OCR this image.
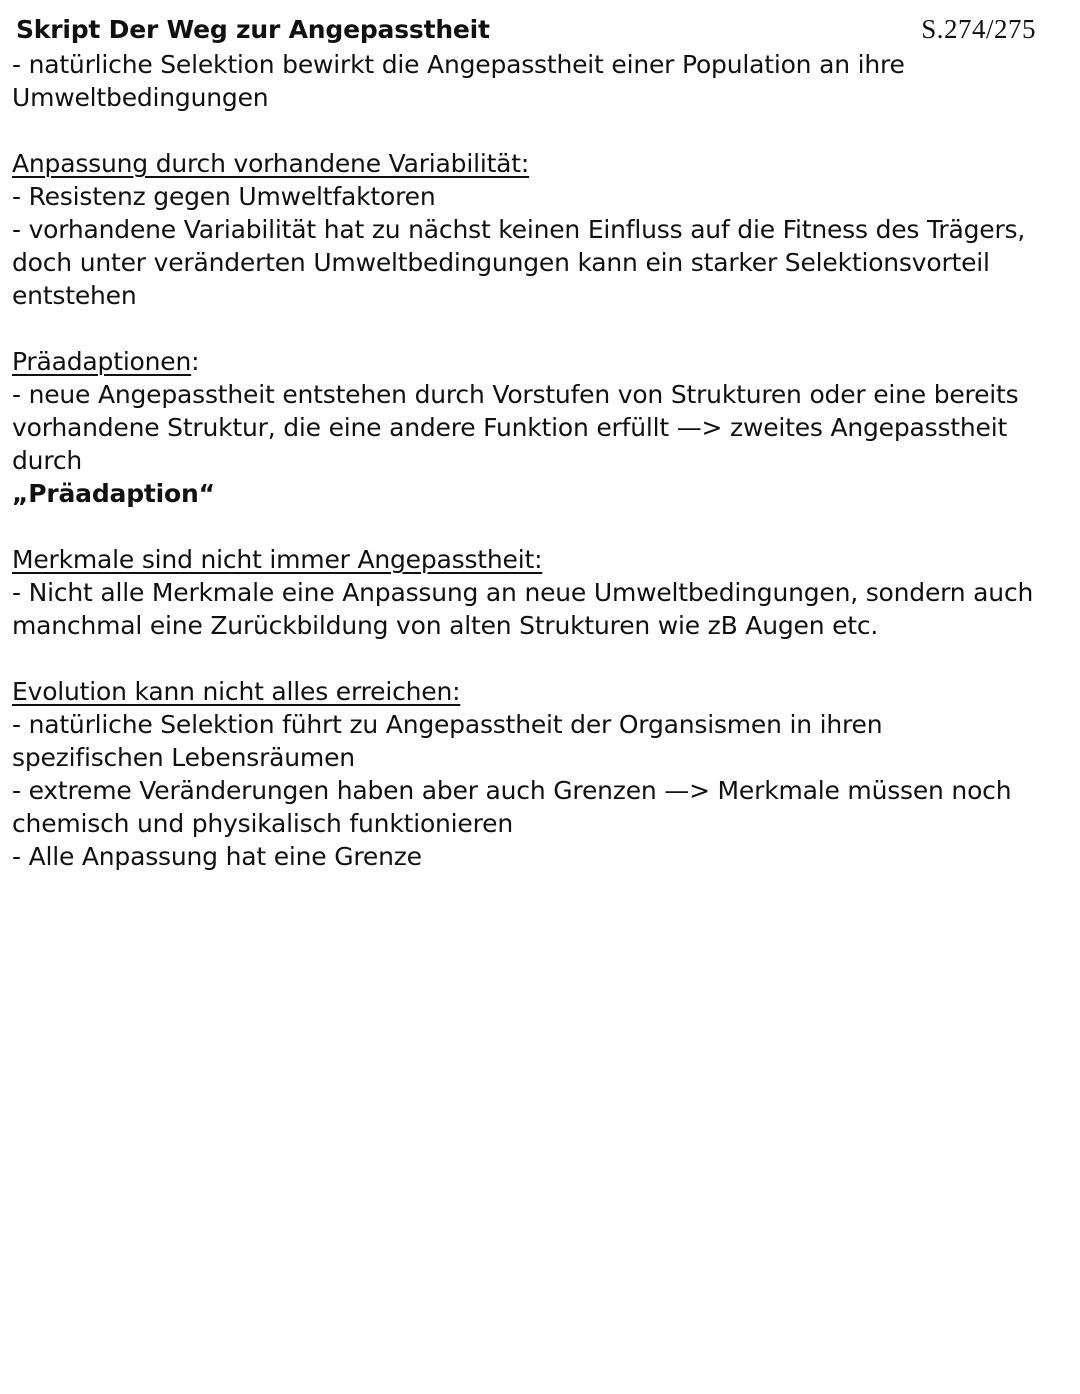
Skript Der Weg zur Angepasstheit	S.274/275

- natürliche Selektion bewirkt die Angepasstheit einer Population an ihre Umweltbedingungen

Anpassung durch vorhandene Variabilität:

- Resistenz gegen Umweltfaktoren

- vorhandene Variabilität hat zu nächst keinen Einfluss auf die Fitness des Trägers, doch unter veränderten Umweltbedingungen kann ein starker Selektionsvorteil entstehen

Präadaptionen:

- neue Angepasstheit entstehen durch Vorstufen von Strukturen oder eine bereits vorhandene Struktur, die eine andere Funktion erfüllt —> zweites Angepasstheit durch
„Präadaption“

Merkmale sind nicht immer Angepasstheit:

- Nicht alle Merkmale eine Anpassung an neue Umweltbedingungen, sondern auch manchmal eine Zurückbildung von alten Strukturen wie zB Augen etc.

Evolution kann nicht alles erreichen:

- natürliche Selektion führt zu Angepasstheit der Organsismen in ihren spezifischen Lebensräumen

- extreme Veränderungen haben aber auch Grenzen —> Merkmale müssen noch chemisch und physikalisch funktionieren

- Alle Anpassung hat eine Grenze
